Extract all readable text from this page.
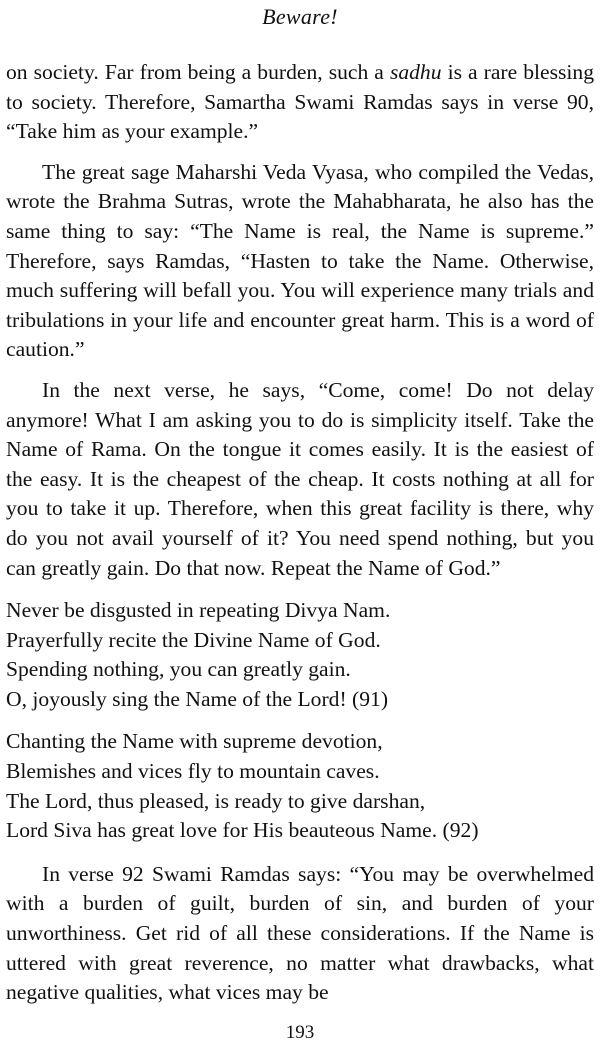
Beware!

on society. Far from being a burden, such a sadhu is a rare blessing to society. Therefore, Samartha Swami Ramdas says in verse 90, “Take him as your example.”

The great sage Maharshi Veda Vyasa, who compiled the Vedas, wrote the Brahma Sutras, wrote the Mahabharata, he also has the same thing to say: “The Name is real, the Name is supreme.” Therefore, says Ramdas, “Hasten to take the Name. Otherwise, much suffering will befall you. You will experience many trials and tribulations in your life and encounter great harm. This is a word of caution.”

In the next verse, he says, “Come, come! Do not delay anymore! What I am asking you to do is simplicity itself. Take the Name of Rama. On the tongue it comes easily. It is the easiest of the easy. It is the cheapest of the cheap. It costs nothing at all for you to take it up. Therefore, when this great facility is there, why do you not avail yourself of it? You need spend nothing, but you can greatly gain. Do that now. Repeat the Name of God.”

Never be disgusted in repeating Divya Nam.
Prayerfully recite the Divine Name of God.
Spending nothing, you can greatly gain.
O, joyously sing the Name of the Lord! (91)
Chanting the Name with supreme devotion,
Blemishes and vices fly to mountain caves.
The Lord, thus pleased, is ready to give darshan,
Lord Siva has great love for His beauteous Name. (92)

In verse 92 Swami Ramdas says: “You may be overwhelmed with a burden of guilt, burden of sin, and burden of your unworthiness. Get rid of all these considerations. If the Name is uttered with great reverence, no matter what drawbacks, what negative qualities, what vices may be

193
